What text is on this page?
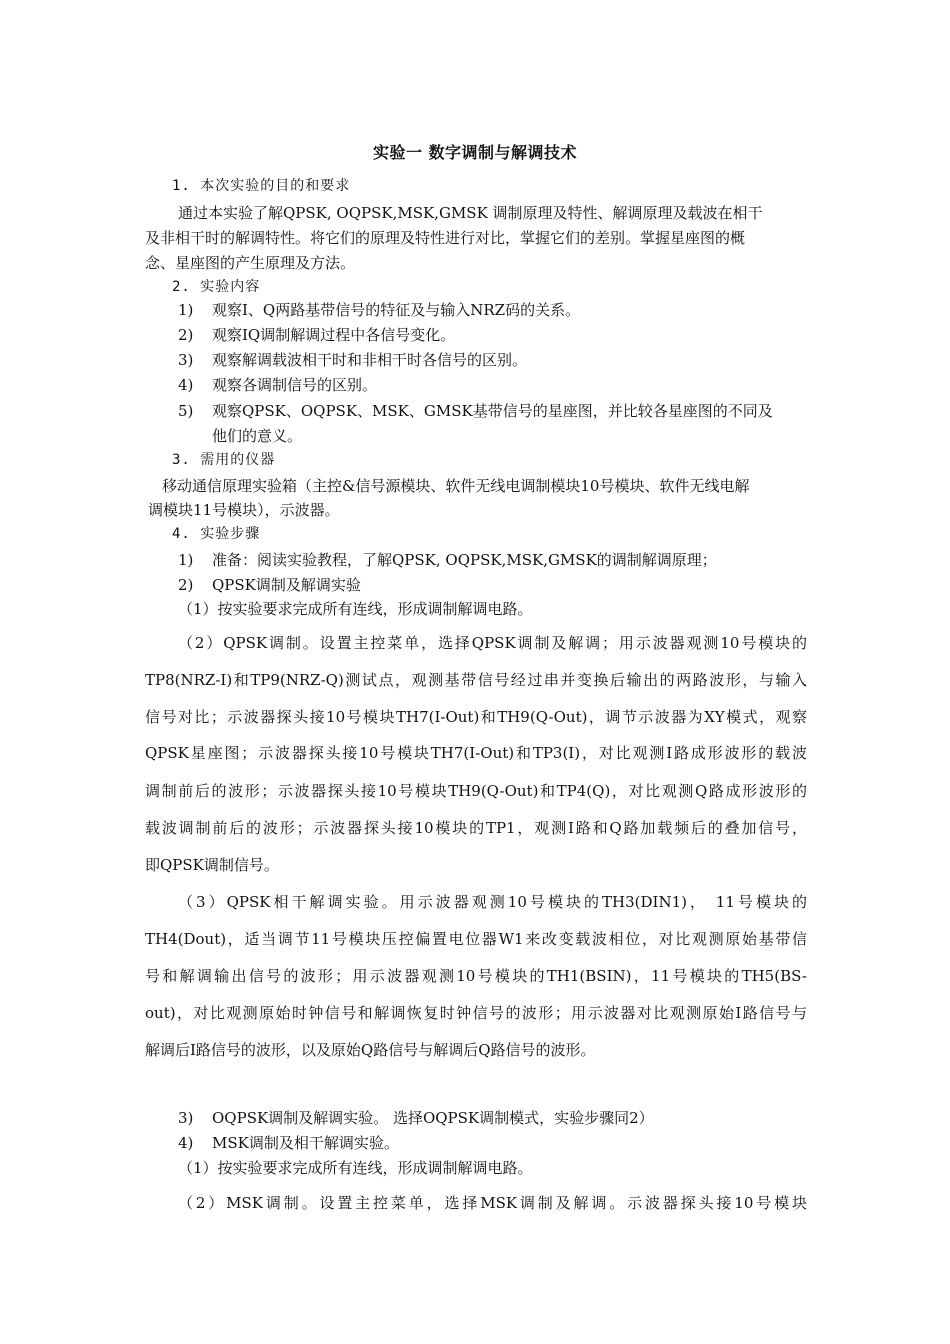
实验一 数字调制与解调技术
1. 本次实验的目的和要求
通过本实验了解QPSK, OQPSK,MSK,GMSK 调制原理及特性、解调原理及载波在相干
及非相干时的解调特性。将它们的原理及特性进行对比，掌握它们的差别。掌握星座图的概
念、星座图的产生原理及方法。
2. 实验内容
1) 观察I、Q两路基带信号的特征及与输入NRZ码的关系。
2) 观察IQ调制解调过程中各信号变化。
3) 观察解调载波相干时和非相干时各信号的区别。
4) 观察各调制信号的区别。
5) 观察QPSK、OQPSK、MSK、GMSK基带信号的星座图，并比较各星座图的不同及
他们的意义。
3. 需用的仪器
移动通信原理实验箱（主控&信号源模块、软件无线电调制模块10号模块、软件无线电解
调模块11号模块），示波器。
4. 实验步骤
1) 准备：阅读实验教程，了解QPSK, OQPSK,MSK,GMSK的调制解调原理；
2) QPSK调制及解调实验
（1）按实验要求完成所有连线，形成调制解调电路。
（2）QPSK调制。设置主控菜单，选择QPSK调制及解调；用示波器观测10号模块的
TP8(NRZ-I)和TP9(NRZ-Q)测试点，观测基带信号经过串并变换后输出的两路波形，与输入
信号对比；示波器探头接10号模块TH7(I-Out)和TH9(Q-Out)，调节示波器为XY模式，观察
QPSK星座图；示波器探头接10号模块TH7(I-Out)和TP3(I)，对比观测I路成形波形的载波
调制前后的波形；示波器探头接10号模块TH9(Q-Out)和TP4(Q)，对比观测Q路成形波形的
载波调制前后的波形；示波器探头接10模块的TP1，观测I路和Q路加载频后的叠加信号，
即QPSK调制信号。
（3）QPSK相干解调实验。用示波器观测10号模块的TH3(DIN1)， 11号模块的
TH4(Dout)，适当调节11号模块压控偏置电位器W1来改变载波相位，对比观测原始基带信
号和解调输出信号的波形；用示波器观测10号模块的TH1(BSIN)，11号模块的TH5(BS-
out)，对比观测原始时钟信号和解调恢复时钟信号的波形；用示波器对比观测原始I路信号与
解调后I路信号的波形，以及原始Q路信号与解调后Q路信号的波形。
3) OQPSK调制及解调实验。 选择OQPSK调制模式，实验步骤同2）
4) MSK调制及相干解调实验。
（1）按实验要求完成所有连线，形成调制解调电路。
（2）MSK调制。设置主控菜单，选择MSK调制及解调。示波器探头接10号模块
